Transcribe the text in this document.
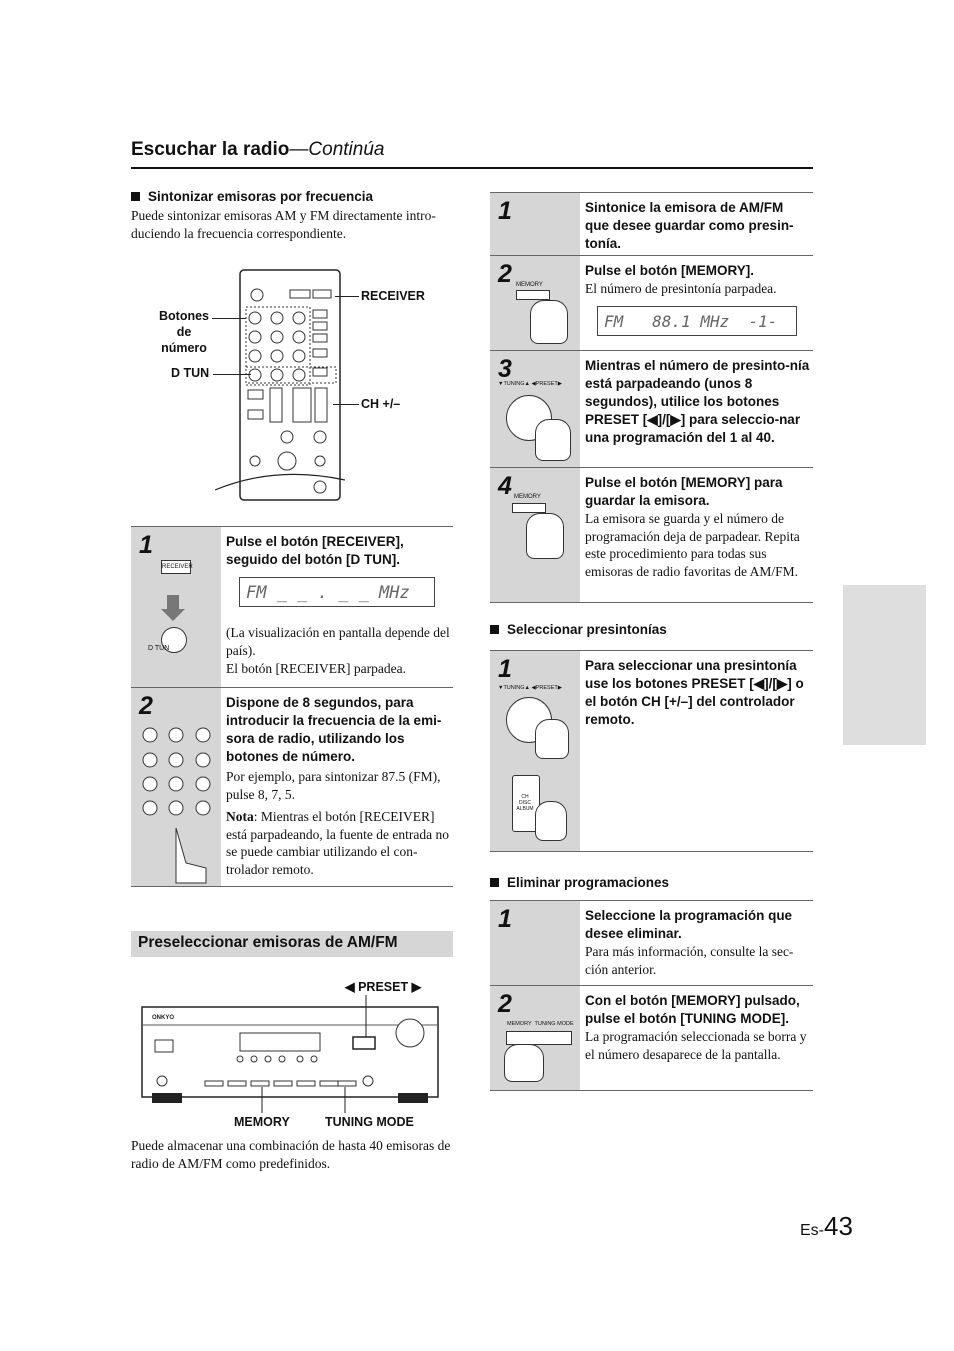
Escuchar la radio—Continúa
Sintonizar emisoras por frecuencia
Puede sintonizar emisoras AM y FM directamente intro-duciendo la frecuencia correspondiente.
Botones de número
RECEIVER
D TUN
CH +/–
RECEIVER
D TUN
1	Pulse el botón [RECEIVER], seguido del botón [D TUN].
FM _ _ . _ _ MHz
(La visualización en pantalla depende del país).
El botón [RECEIVER] parpadea.
2	Dispone de 8 segundos, para introducir la frecuencia de la emi-sora de radio, utilizando los botones de número.
Por ejemplo, para sintonizar 87.5 (FM), pulse 8, 7, 5.
Nota: Mientras el botón [RECEIVER] está parpadeando, la fuente de entrada no se puede cambiar utilizando el con-trolador remoto.
Preseleccionar emisoras de AM/FM
◀ PRESET ▶
ONKYO
MEMORY	TUNING MODE
Puede almacenar una combinación de hasta 40 emisoras de radio de AM/FM como predefinidos.
1	Sintonice la emisora de AM/FM que desee guardar como presin-tonía.
MEMORY
2	Pulse el botón [MEMORY].
El número de presintonía parpadea.
FM   88.1 MHz  -1-
▼TUNING▲ ◀PRESET▶
3	Mientras el número de presinto-nía está parpadeando (unos 8 segundos), utilice los botones PRESET [◀]/[▶] para seleccio-nar una programación del 1 al 40.
MEMORY
4	Pulse el botón [MEMORY] para guardar la emisora.
La emisora se guarda y el número de programación deja de parpadear. Repita este procedimiento para todas sus emisoras de radio favoritas de AM/FM.
Seleccionar presintonías
▼TUNING▲ ◀PRESET▶
CH DISC ALBUM
1	Para seleccionar una presintonía use los botones PRESET [◀]/[▶] o el botón CH [+/–] del controlador remoto.
Eliminar programaciones
1	Seleccione la programación que desee eliminar.
Para más información, consulte la sec-ción anterior.
MEMORY  TUNING MODE
2	Con el botón [MEMORY] pulsado, pulse el botón [TUNING MODE].
La programación seleccionada se borra y el número desaparece de la pantalla.
Es-43
